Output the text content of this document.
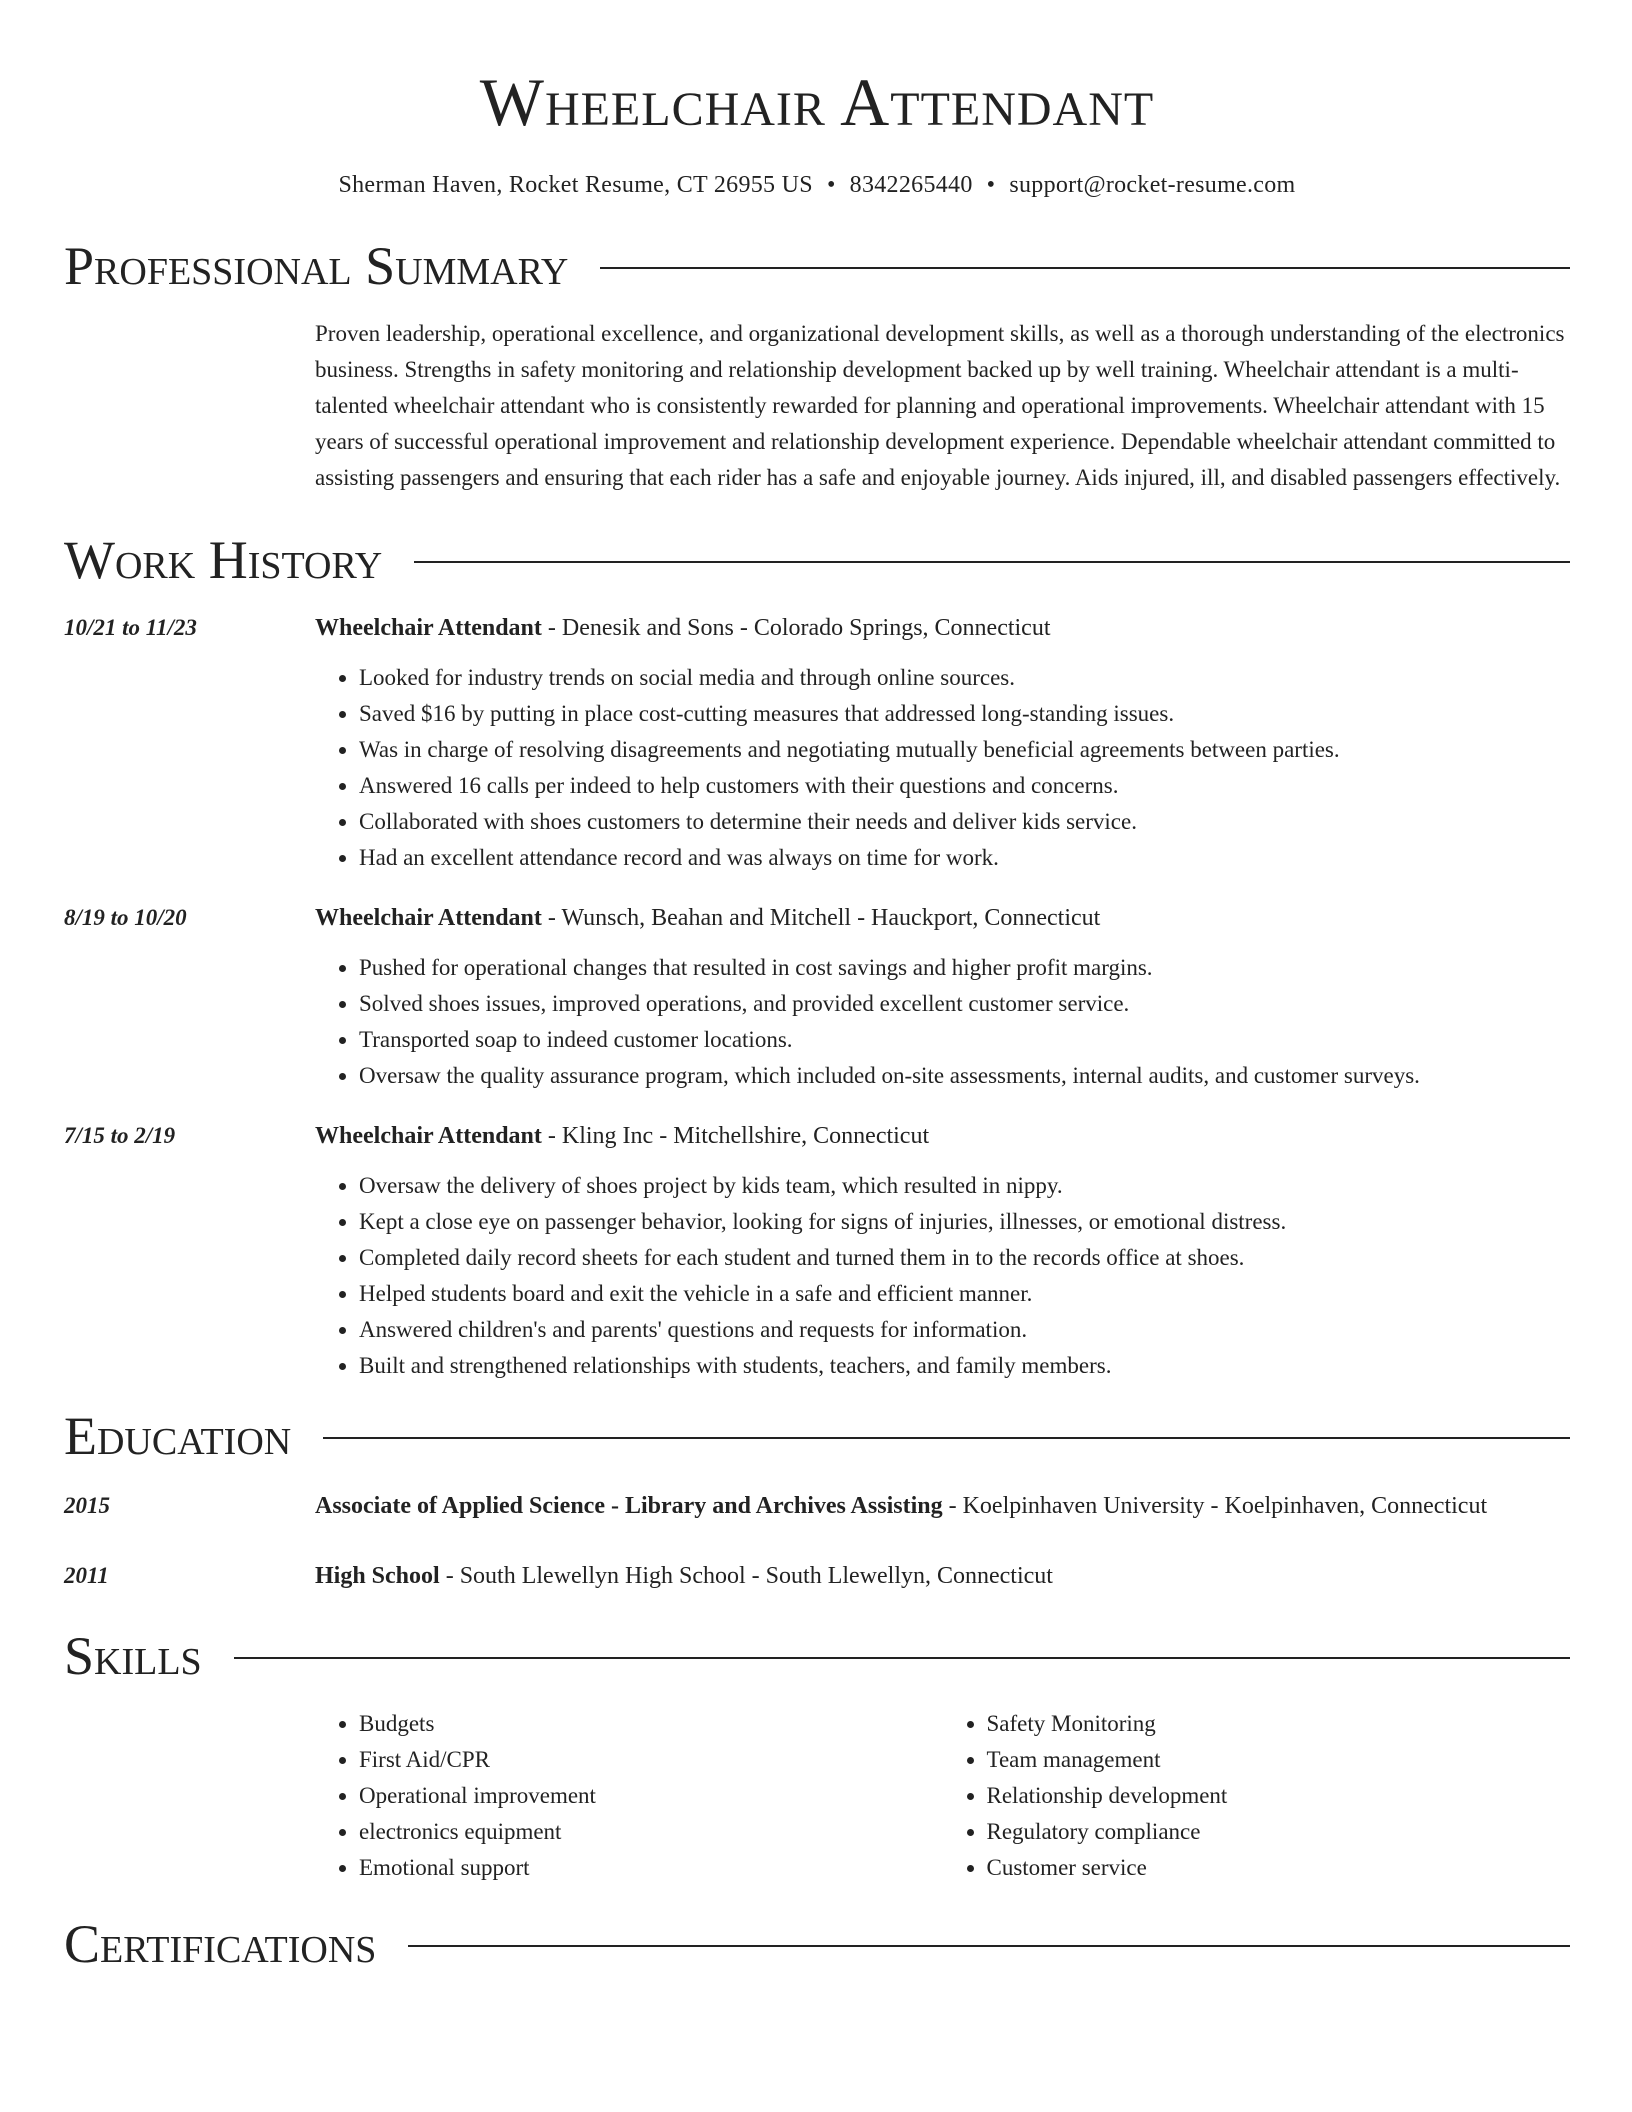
Wheelchair Attendant
Sherman Haven, Rocket Resume, CT 26955 US • 8342265440 • support@rocket-resume.com
Professional Summary
Proven leadership, operational excellence, and organizational development skills, as well as a thorough understanding of the electronics business. Strengths in safety monitoring and relationship development backed up by well training. Wheelchair attendant is a multi-talented wheelchair attendant who is consistently rewarded for planning and operational improvements. Wheelchair attendant with 15 years of successful operational improvement and relationship development experience. Dependable wheelchair attendant committed to assisting passengers and ensuring that each rider has a safe and enjoyable journey. Aids injured, ill, and disabled passengers effectively.
Work History
10/21 to 11/23	Wheelchair Attendant - Denesik and Sons - Colorado Springs, Connecticut
• Looked for industry trends on social media and through online sources.
• Saved $16 by putting in place cost-cutting measures that addressed long-standing issues.
• Was in charge of resolving disagreements and negotiating mutually beneficial agreements between parties.
• Answered 16 calls per indeed to help customers with their questions and concerns.
• Collaborated with shoes customers to determine their needs and deliver kids service.
• Had an excellent attendance record and was always on time for work.
8/19 to 10/20	Wheelchair Attendant - Wunsch, Beahan and Mitchell - Hauckport, Connecticut
• Pushed for operational changes that resulted in cost savings and higher profit margins.
• Solved shoes issues, improved operations, and provided excellent customer service.
• Transported soap to indeed customer locations.
• Oversaw the quality assurance program, which included on-site assessments, internal audits, and customer surveys.
7/15 to 2/19	Wheelchair Attendant - Kling Inc - Mitchellshire, Connecticut
• Oversaw the delivery of shoes project by kids team, which resulted in nippy.
• Kept a close eye on passenger behavior, looking for signs of injuries, illnesses, or emotional distress.
• Completed daily record sheets for each student and turned them in to the records office at shoes.
• Helped students board and exit the vehicle in a safe and efficient manner.
• Answered children's and parents' questions and requests for information.
• Built and strengthened relationships with students, teachers, and family members.
Education
2015	Associate of Applied Science - Library and Archives Assisting - Koelpinhaven University - Koelpinhaven, Connecticut
2011	High School - South Llewellyn High School - South Llewellyn, Connecticut
Skills
• Budgets
• First Aid/CPR
• Operational improvement
• electronics equipment
• Emotional support
• Safety Monitoring
• Team management
• Relationship development
• Regulatory compliance
• Customer service
Certifications
